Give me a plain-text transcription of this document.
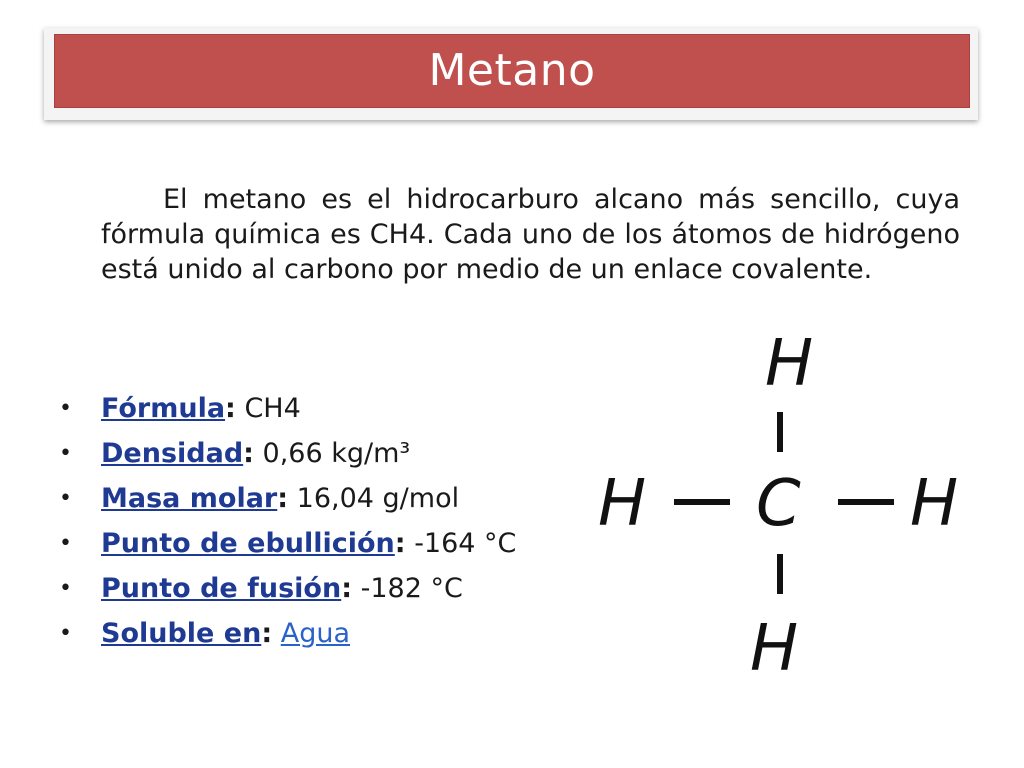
Metano

El metano es el hidrocarburo alcano más sencillo, cuya fórmula química es CH4. Cada uno de los átomos de hidrógeno está unido al carbono por medio de un enlace covalente.

• Fórmula: CH4
• Densidad: 0,66 kg/m³
• Masa molar: 16,04 g/mol
• Punto de ebullición: -164 °C
• Punto de fusión: -182 °C
• Soluble en: Agua
H
H C H
H
